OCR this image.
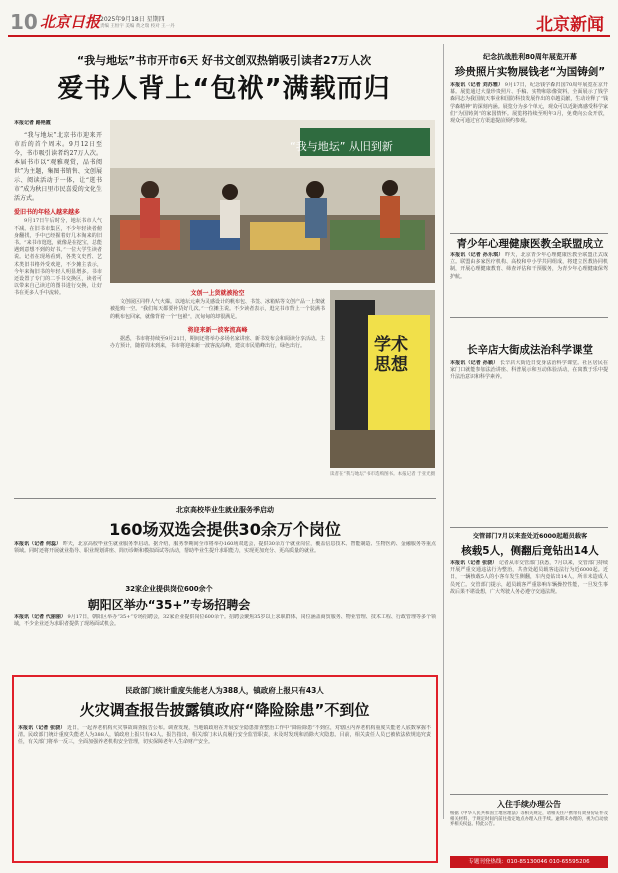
10 北京日报 2025年9月18日 星期四
责编 王恒宇 美编 黄之瑞 校对 王一丹	北京新闻
“我与地坛”书市开市6天 好书文创双热销吸引读者27万人次
爱书人背上“包袱”满载而归
本报记者 路艳霞

“我与地坛”北京书市迎来开市后的首个周末。9月12日至今，书市吸引读者约27万人次。本届书市以“观雅观赏，品书阅世”为主题，集图书销售、文创展示、阅读活动于一体，让“逛书市”成为秋日里市民喜爱的文化生活方式。

爱旧书的年轻人越来越多

9月17日午后时分，地坛书市人气不减。在旧书市集区，不少年轻读者俯身翻找，手中已经握着好几本淘来的旧书。“来书市逛逛，就像是在挖宝，总能遇到意想不到的好书。”一位大学生读者说。记者在现场看到，各类文史哲、艺术类旧书格外受欢迎，不少摊主表示，今年来淘旧书的年轻人明显增多。书市还设置了专门的二手书交换区，读者可以带来自己读过的图书进行交换，让好书在更多人手中流转。

“我与地坛” 从旧到新
文创一上货就被抢空

文创展区同样人气火爆。以地坛元素为灵感设计的帆布包、书签、冰箱贴等文创产品一上架就被抢购一空。“我们每天都要补货好几次。”一位摊主说。不少读者表示，逛完书市背上一个装满书的帆布包回家，就像背着一个“包袱”，沉甸甸的却很满足。

将迎来新一波客流高峰

据悉，书市将持续至9月21日，期间还将举办多场名家讲座、新书发布会和阅读分享活动。主办方预计，随着周末到来，书市将迎来新一波客流高峰，建议市民错峰出行，绿色出行。	学术
思想
读者在“我与地坛”书市选购图书。本报记者 于亚光摄
纪念抗战胜利80周年展览开幕
珍贵照片实物展钱老“为国铸剑”
本报讯（记者 刘苏雅） 9月17日，纪念钱学森归国70周年展览在京开幕。展览通过大量珍贵照片、手稿、实物和影像资料，全面展示了钱学森同志为我国航天事业和国防科技发展作出的卓越贡献，生动诠释了“钱学森精神”的深刻内涵。展览分为多个单元，观众可以近距离感受科学家们“为国铸剑”的家国情怀。展览将持续至明年3月，免费向公众开放，观众可通过官方渠道提前预约参观。
青少年心理健康医教全联盟成立
本报讯（记者 孙乐琪） 昨天，北京青少年心理健康医教全联盟正式成立。联盟由多家医疗机构、高校和中小学共同组成，将建立医教协同机制，开展心理健康教育、筛查评估和干预服务，为青少年心理健康保驾护航。
长辛店大街成法治科学课堂
本报讯（记者 孙颖） 长辛店大街近日变身法治科学课堂。社区居民在家门口就能参加法治讲座、科普展示和互动体验活动，在寓教于乐中提升法治意识和科学素养。
交管部门7月以来查处近6000起超员载客
核载5人，侧翻后竟钻出14人
本报讯（记者 张骁） 记者从市交管部门获悉，7月以来，交管部门持续开展严重交通违法行为整治，共查处超员载客违法行为近6000起。近日，一辆核载5人的小客车发生侧翻，车内竟钻出14人，所幸未造成人员死亡。交管部门提示，超员载客严重影响车辆操控性能，一旦发生事故后果不堪设想，广大驾驶人务必遵守交通法规。
北京高校毕业生就业服务季启动
160场双选会提供30余万个岗位
本报讯（记者 何蕊） 昨天，北京高校毕业生就业服务季启动。据介绍，服务季期间全市将举办160场双选会，提供30余万个就业岗位，覆盖信息技术、智能制造、生物医药、金融服务等重点领域。同时还将开展就业指导、职业规划讲座、简历诊断和模拟面试等活动，帮助毕业生提升求职能力，实现更加充分、更高质量的就业。
32家企业提供岗位600余个
朝阳区举办“35+”专场招聘会
本报讯（记者 代丽丽） 9月17日，朝阳区举办“35+”专场招聘会，32家企业提供岗位600余个。招聘会聚焦35岁以上求职群体，岗位涵盖商贸服务、物业管理、技术工程、行政管理等多个领域，不少企业还为求职者提供了现场面试机会。
民政部门统计重度失能老人为388人，镇政府上报只有43人
火灾调查报告披露镇政府“降险除患”不到位
本报讯（记者 张骁） 近日，一起养老机构火灾事故调查报告公布。调查发现，当地镇政府在开展安全隐患排查整治工作中“降险除患”不到位，对辖区内养老机构重度失能老人底数掌握不清。民政部门统计重度失能老人为388人，镇政府上报只有43人。报告指出，相关部门未认真履行安全监管职责，未及时发现和消除火灾隐患。目前，相关责任人员已被依法依规追究责任，有关部门将举一反三，全面加强养老机构安全管理，切实保障老年人生命财产安全。
入住手续办理公告
根据《中华人民共和国土地管理法》等相关规定，请相关住户携带有效身份证件及相关材料，于规定时间内前往指定地点办理入住手续。逾期未办理的，视为自动放弃相关权益。特此公告。
专题刊登热线：010-85130046 010-65595206
